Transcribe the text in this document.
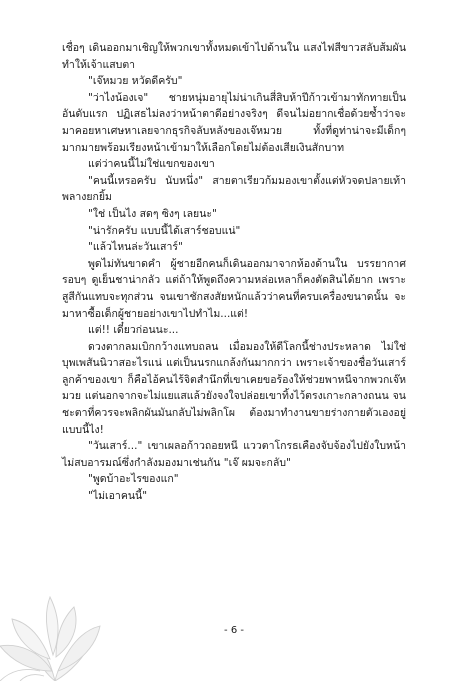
เชื่อๆ เดินออกมาเชิญให้พวกเขาทั้งหมดเข้าไปด้านใน แสงไฟสีขาวสลับส้มผัน ทำให้เจ้าแสบตา

"เจ๊หมวย หวัดดีครับ"

"ว่าไงน้องเจ" ชายหนุ่มอายุไม่น่าเกินสี่สิบห้าปีก้าวเข้ามาทักทายเป็นอันดับแรก ปฏิเสธไม่ลงว่าหน้าตาดีอย่างจริงๆ ดีจนไม่อยากเชื่อด้วยซ้ำว่าจะมาคอยหาเศษหาเลยจากธุรกิจลับหลังของเจ๊หมวย ทั้งที่ดูท่าน่าจะมีเด็กๆ มากมายพร้อมเรียงหน้าเข้ามาให้เลือกโดยไม่ต้องเสียเงินสักบาท

แต่ว่าคนนี้ไม่ใช่แขกของเขา

"คนนี้เหรอครับ นับหนึ่ง" สายตาเรียวก้มมองเขาตั้งแต่หัวจดปลายเท้า พลางยกยิ้ม

"ใช่ เป็นไง สดๆ ซิงๆ เลยนะ"

"น่ารักครับ แบบนี้ได้เสาร์ชอบแน่"

"แล้วไหนล่ะวันเสาร์"

พูดไม่ทันขาดคำ ผู้ชายอีกคนก็เดินออกมาจากห้องด้านใน บรรยากาศรอบๆ ดูเย็นชาน่ากลัว แต่ถ้าให้พูดถึงความหล่อเหลาก็คงตัดสินได้ยาก เพราะสูสีกันแทบจะทุกส่วน จนเขาชักสงสัยหนักแล้วว่าคนที่ครบเครื่องขนาดนั้น จะมาหาซื้อเด็กผู้ชายอย่างเขาไปทำไม...แต่!

แต่!! เดี๋ยวก่อนนะ...

ดวงตากลมเบิกกว้างแทบถลน เมื่อมองให้ดีโลกนี้ช่างประหลาด ไม่ใช่บุพเพสันนิวาสอะไรแน่ แต่เป็นนรกแกล้งกันมากกว่า เพราะเจ้าของชื่อวันเสาร์ลูกค้าของเขา ก็คือไอ้คนไร้จิตสำนึกที่เขาเคยขอร้องให้ช่วยพาหนีจากพวกเจ๊หมวย แต่นอกจากจะไม่แยแสแล้วยังจงใจปล่อยเขาทิ้งไว้ตรงเกาะกลางถนน จนชะตาที่ควรจะพลิกผันมันกลับไม่พลิกโผ ต้องมาทำงานขายร่างกายตัวเองอยู่แบบนี้ไง!

"วันเสาร์..." เขาเผลอก้าวถอยหนี แววตาโกรธเคืองจับจ้องไปยังใบหน้าไม่สบอารมณ์ซึ่งกำลังมองมาเช่นกัน "เจ๊ ผมจะกลับ"

"พูดบ้าอะไรของแก"

"ไม่เอาคนนี้"

- 6 -
